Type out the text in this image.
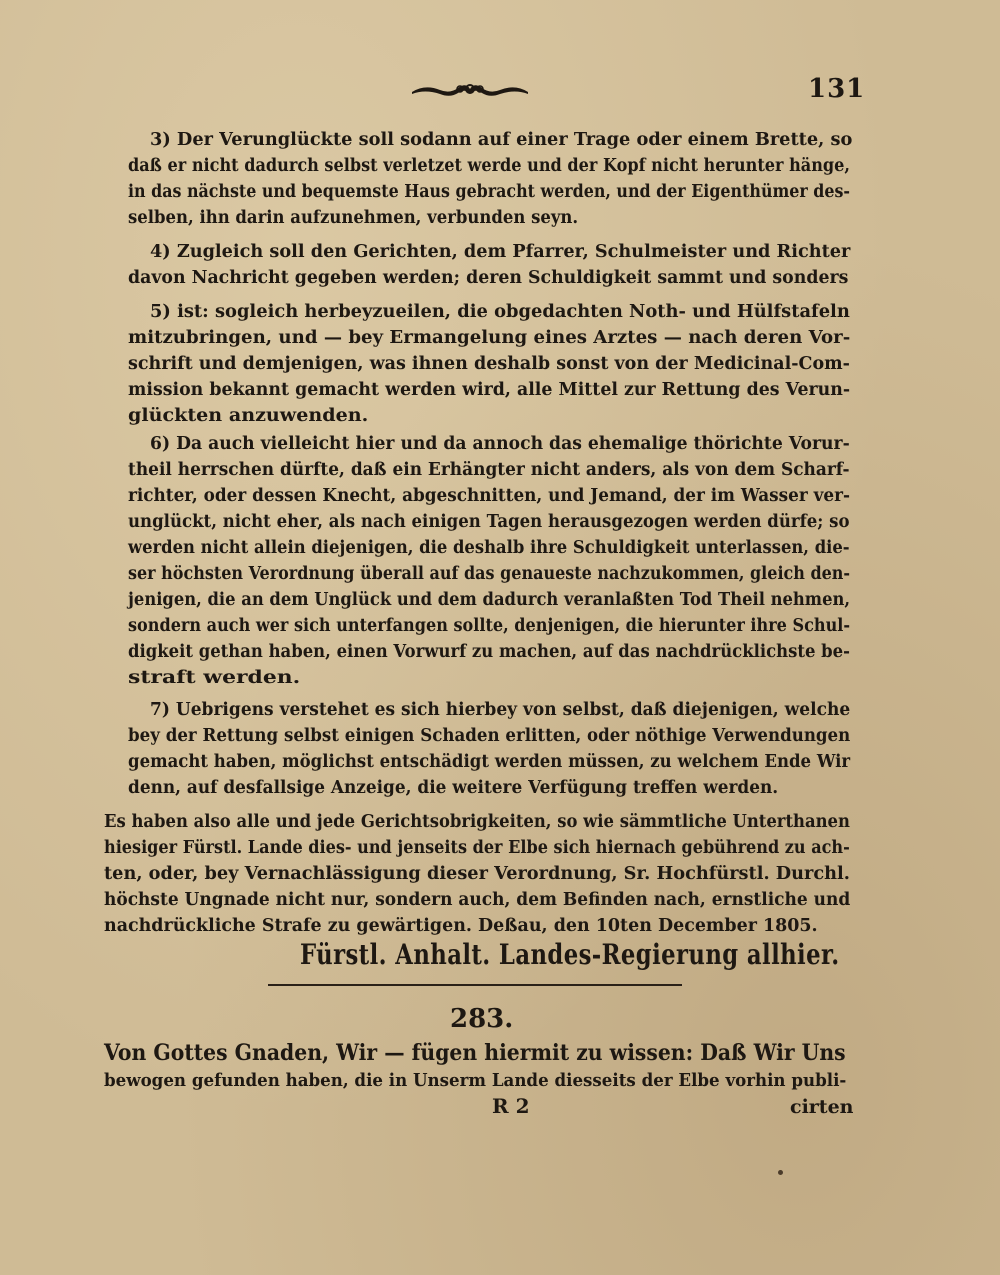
131
3) Der Verunglückte soll sodann auf einer Trage oder einem Brette, so
daß er nicht dadurch selbst verletzet werde und der Kopf nicht herunter hänge,
in das nächste und bequemste Haus gebracht werden, und der Eigenthümer des-
selben, ihn darin aufzunehmen, verbunden seyn.
4) Zugleich soll den Gerichten, dem Pfarrer, Schulmeister und Richter
davon Nachricht gegeben werden; deren Schuldigkeit sammt und sonders
5) ist: sogleich herbeyzueilen, die obgedachten Noth- und Hülfstafeln
mitzubringen, und — bey Ermangelung eines Arztes — nach deren Vor-
schrift und demjenigen, was ihnen deshalb sonst von der Medicinal-Com-
mission bekannt gemacht werden wird, alle Mittel zur Rettung des Verun-
glückten anzuwenden.
6) Da auch vielleicht hier und da annoch das ehemalige thörichte Vorur-
theil herrschen dürfte, daß ein Erhängter nicht anders, als von dem Scharf-
richter, oder dessen Knecht, abgeschnitten, und Jemand, der im Wasser ver-
unglückt, nicht eher, als nach einigen Tagen herausgezogen werden dürfe; so
werden nicht allein diejenigen, die deshalb ihre Schuldigkeit unterlassen, die-
ser höchsten Verordnung überall auf das genaueste nachzukommen, gleich den-
jenigen, die an dem Unglück und dem dadurch veranlaßten Tod Theil nehmen,
sondern auch wer sich unterfangen sollte, denjenigen, die hierunter ihre Schul-
digkeit gethan haben, einen Vorwurf zu machen, auf das nachdrücklichste be-
straft werden.
7) Uebrigens verstehet es sich hierbey von selbst, daß diejenigen, welche
bey der Rettung selbst einigen Schaden erlitten, oder nöthige Verwendungen
gemacht haben, möglichst entschädigt werden müssen, zu welchem Ende Wir
denn, auf desfallsige Anzeige, die weitere Verfügung treffen werden.
Es haben also alle und jede Gerichtsobrigkeiten, so wie sämmtliche Unterthanen
hiesiger Fürstl. Lande dies- und jenseits der Elbe sich hiernach gebührend zu ach-
ten, oder, bey Vernachlässigung dieser Verordnung, Sr. Hochfürstl. Durchl.
höchste Ungnade nicht nur, sondern auch, dem Befinden nach, ernstliche und
nachdrückliche Strafe zu gewärtigen. Deßau, den 10ten December 1805.
Fürstl. Anhalt. Landes-Regierung allhier.
283.
Von Gottes Gnaden, Wir — fügen hiermit zu wissen: Daß Wir Uns
bewogen gefunden haben, die in Unserm Lande diesseits der Elbe vorhin publi-
R 2	cirten
